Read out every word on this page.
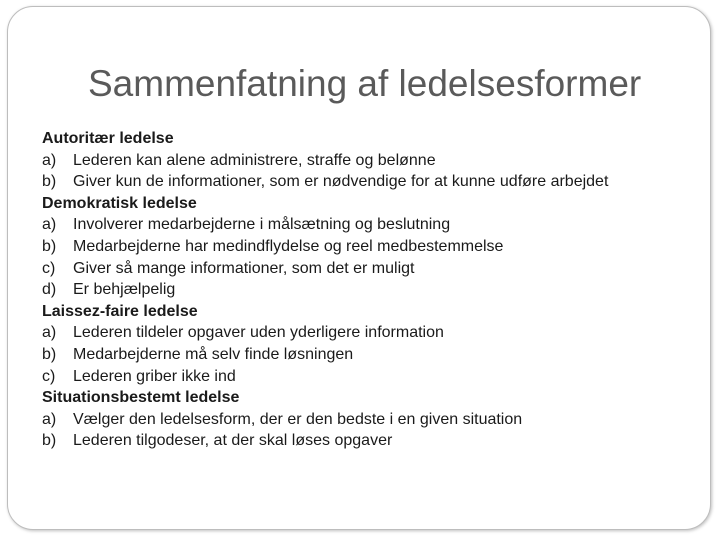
Sammenfatning af ledelsesformer
Autoritær ledelse
a) Lederen kan alene administrere, straffe og belønne
b) Giver kun de informationer, som er nødvendige for at kunne udføre arbejdet
Demokratisk ledelse
a) Involverer medarbejderne i målsætning og beslutning
b) Medarbejderne har medindflydelse og reel medbestemmelse
c) Giver så mange informationer, som det er muligt
d) Er behjælpelig
Laissez-faire ledelse
a) Lederen tildeler opgaver uden yderligere information
b) Medarbejderne må selv finde løsningen
c) Lederen griber ikke ind
Situationsbestemt ledelse
a) Vælger den ledelsesform, der er den bedste i en given situation
b) Lederen tilgodeser, at der skal løses opgaver
